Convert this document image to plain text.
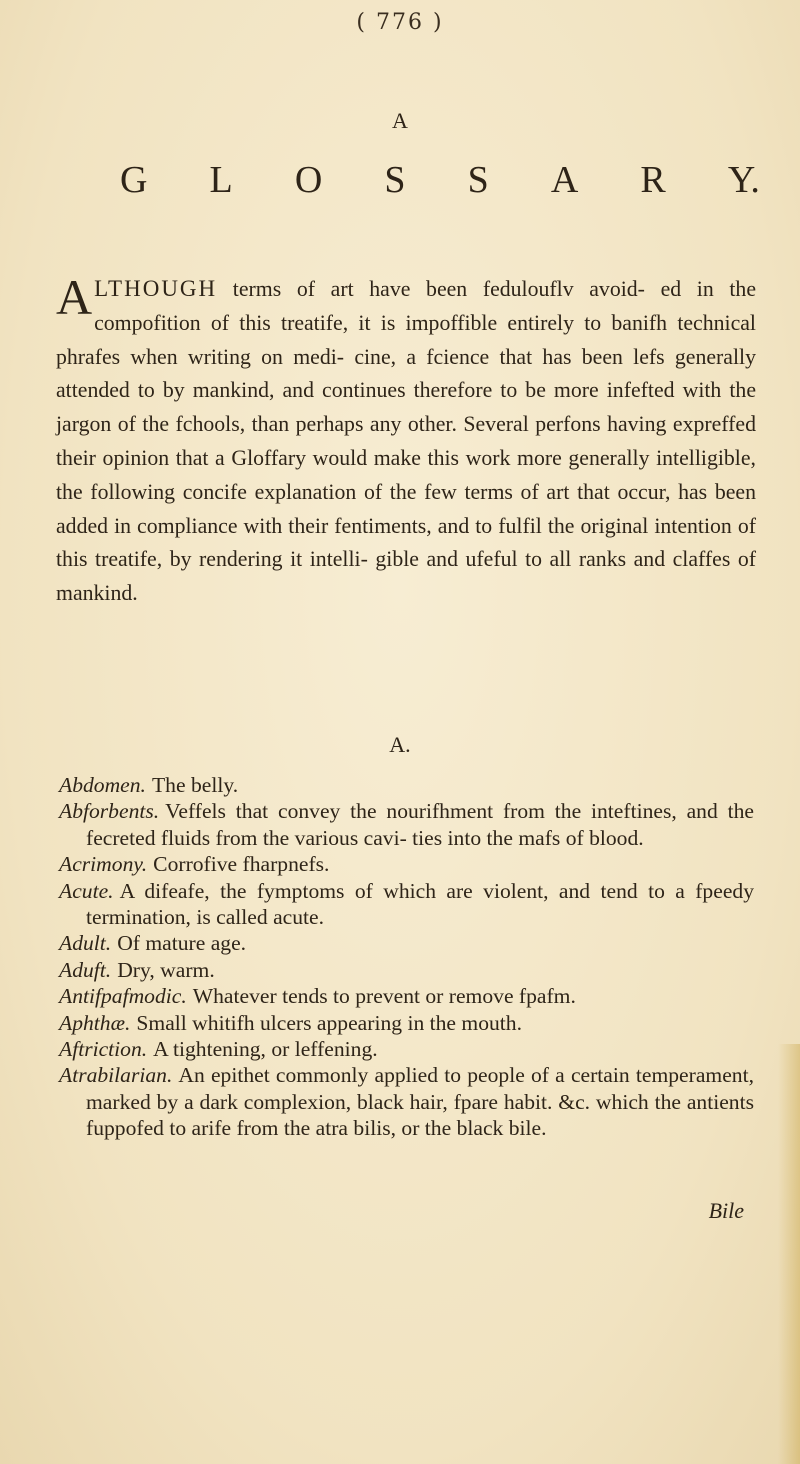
( 776 )
A
G L O S S A R Y.
ALTHOUGH terms of art have been fedulouflv avoid- ed in the compofition of this treatife, it is impoffible entirely to banifh technical phrafes when writing on medi- cine, a fcience that has been lefs generally attended to by mankind, and continues therefore to be more infefted with the jargon of the fchools, than perhaps any other. Several perfons having expreffed their opinion that a Gloffary would make this work more generally intelligible, the following concife explanation of the few terms of art that occur, has been added in compliance with their fentiments, and to fulfil the original intention of this treatife, by rendering it intelli- gible and ufeful to all ranks and claffes of mankind.
A.
Abdomen. The belly.
Abforbents. Veffels that convey the nourifhment from the inteftines, and the fecreted fluids from the various cavi- ties into the mafs of blood.
Acrimony. Corrofive fharpnefs.
Acute. A difeafe, the fymptoms of which are violent, and tend to a fpeedy termination, is called acute.
Adult. Of mature age.
Aduft. Dry, warm.
Antifpafmodic. Whatever tends to prevent or remove fpafm.
Aphthæ. Small whitifh ulcers appearing in the mouth.
Aftriction. A tightening, or leffening.
Atrabilarian. An epithet commonly applied to people of a certain temperament, marked by a dark complexion, black hair, fpare habit. &c. which the antients fuppofed to arife from the atra bilis, or the black bile.
Bile
